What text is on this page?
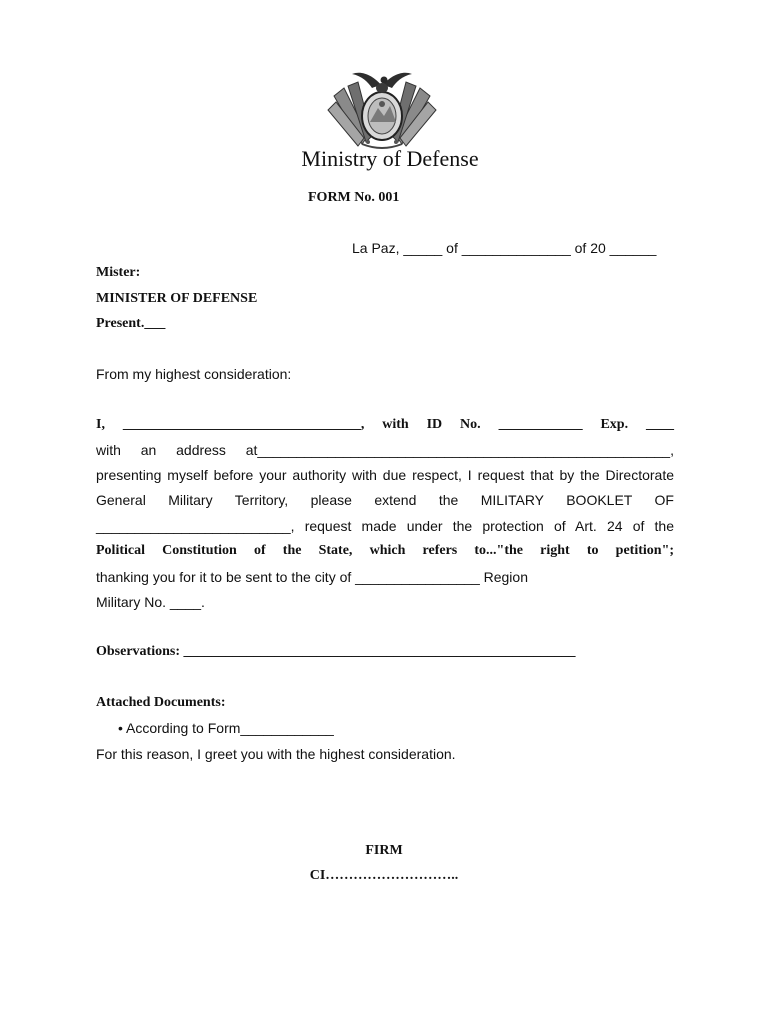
Ministry of Defense
FORM No. 001
La Paz, _____ of ______________ of 20 ______
Mister:
MINISTER OF DEFENSE
Present.___
From my highest consideration:
I, __________________________________, with ID No. ____________ Exp. ____
with an address at_____________________________________________________,
presenting myself before your authority with due respect, I request that by the Directorate
General Military Territory, please extend the MILITARY BOOKLET OF
_________________________, request made under the protection of Art. 24 of the
Political Constitution of the State, which refers to..."the right to petition";
thanking you for it to be sent to the city of ________________ Region
Military No. ____.
Observations: ________________________________________________________
Attached Documents:
• According to Form____________
For this reason, I greet you with the highest consideration.
FIRM
CI………………………..
